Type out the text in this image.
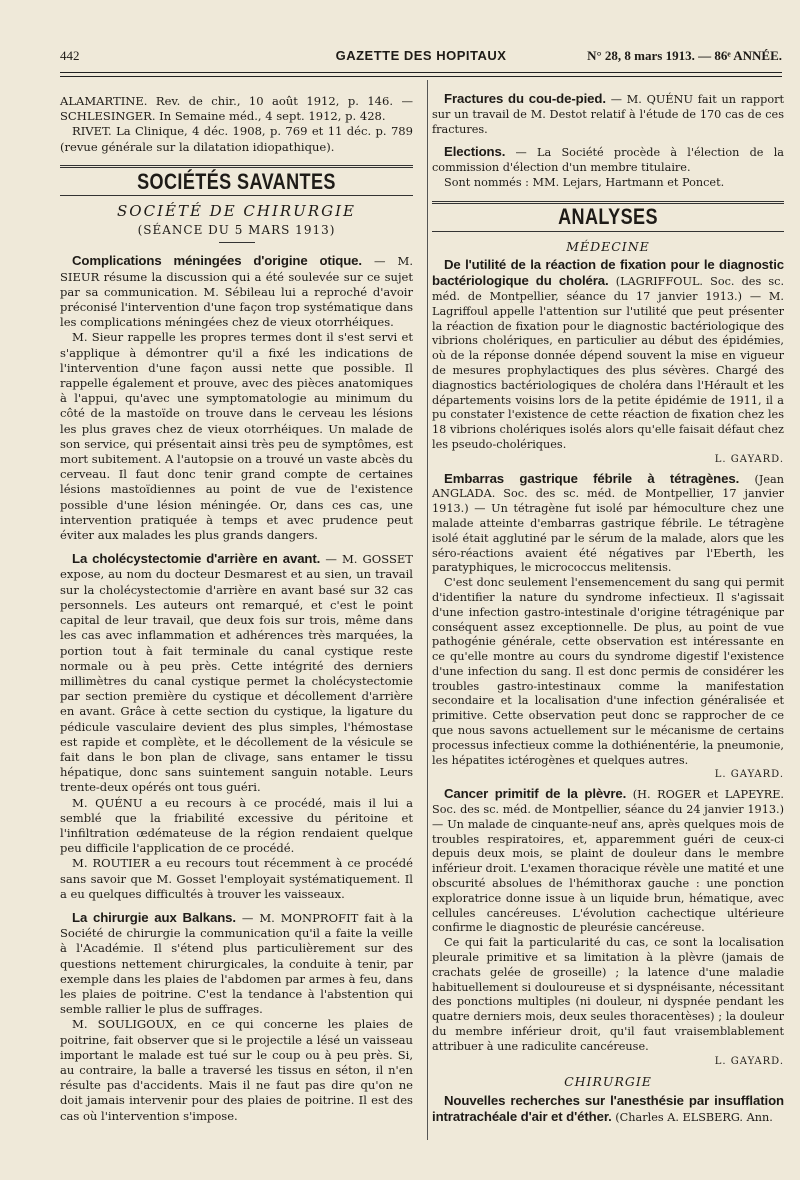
442	GAZETTE DES HOPITAUX	N° 28, 8 mars 1913. — 86ᵉ ANNÉE.

ALAMARTINE. Rev. de chir., 10 août 1912, p. 146. — SCHLESINGER. In Semaine méd., 4 sept. 1912, p. 428.

RIVET. La Clinique, 4 déc. 1908, p. 769 et 11 déc. p. 789 (revue générale sur la dilatation idiopathique).

SOCIÉTÉS SAVANTES
SOCIÉTÉ DE CHIRURGIE
(SÉANCE DU 5 MARS 1913)

Complications méningées d'origine otique. — M. SIEUR résume la discussion qui a été soulevée sur ce sujet par sa communication. M. Sébileau lui a reproché d'avoir préconisé l'intervention d'une façon trop systématique dans les complications méningées chez de vieux otorrhéiques.

M. Sieur rappelle les propres termes dont il s'est servi et s'applique à démontrer qu'il a fixé les indications de l'intervention d'une façon aussi nette que possible. Il rappelle également et prouve, avec des pièces anatomiques à l'appui, qu'avec une symptomatologie au minimum du côté de la mastoïde on trouve dans le cerveau les lésions les plus graves chez de vieux otorrhéiques. Un malade de son service, qui présentait ainsi très peu de symptômes, est mort subitement. A l'autopsie on a trouvé un vaste abcès du cerveau. Il faut donc tenir grand compte de certaines lésions mastoïdiennes au point de vue de l'existence possible d'une lésion méningée. Or, dans ces cas, une intervention pratiquée à temps et avec prudence peut éviter aux malades les plus grands dangers.

La cholécystectomie d'arrière en avant. — M. GOSSET expose, au nom du docteur Desmarest et au sien, un travail sur la cholécystectomie d'arrière en avant basé sur 32 cas personnels. Les auteurs ont remarqué, et c'est le point capital de leur travail, que deux fois sur trois, même dans les cas avec inflammation et adhérences très marquées, la portion tout à fait terminale du canal cystique reste normale ou à peu près. Cette intégrité des derniers millimètres du canal cystique permet la cholécystectomie par section première du cystique et décollement d'arrière en avant. Grâce à cette section du cystique, la ligature du pédicule vasculaire devient des plus simples, l'hémostase est rapide et complète, et le décollement de la vésicule se fait dans le bon plan de clivage, sans entamer le tissu hépatique, donc sans suintement sanguin notable. Leurs trente-deux opérés ont tous guéri.

M. QUÉNU a eu recours à ce procédé, mais il lui a semblé que la friabilité excessive du péritoine et l'infiltration œdémateuse de la région rendaient quelque peu difficile l'application de ce procédé.

M. ROUTIER a eu recours tout récemment à ce procédé sans savoir que M. Gosset l'employait systématiquement. Il a eu quelques difficultés à trouver les vaisseaux.

La chirurgie aux Balkans. — M. MONPROFIT fait à la Société de chirurgie la communication qu'il a faite la veille à l'Académie. Il s'étend plus particulièrement sur des questions nettement chirurgicales, la conduite à tenir, par exemple dans les plaies de l'abdomen par armes à feu, dans les plaies de poitrine. C'est la tendance à l'abstention qui semble rallier le plus de suffrages.

M. SOULIGOUX, en ce qui concerne les plaies de poitrine, fait observer que si le projectile a lésé un vaisseau important le malade est tué sur le coup ou à peu près. Si, au contraire, la balle a traversé les tissus en séton, il n'en résulte pas d'accidents. Mais il ne faut pas dire qu'on ne doit jamais intervenir pour des plaies de poitrine. Il est des cas où l'intervention s'impose.

Fractures du cou-de-pied. — M. QUÉNU fait un rapport sur un travail de M. Destot relatif à l'étude de 170 cas de ces fractures.

Elections. — La Société procède à l'élection de la commission d'élection d'un membre titulaire.

Sont nommés : MM. Lejars, Hartmann et Poncet.

ANALYSES
MÉDECINE

De l'utilité de la réaction de fixation pour le diagnostic bactériologique du choléra. (LAGRIFFOUL. Soc. des sc. méd. de Montpellier, séance du 17 janvier 1913.) — M. Lagriffoul appelle l'attention sur l'utilité que peut présenter la réaction de fixation pour le diagnostic bactériologique des vibrions cholériques, en particulier au début des épidémies, où de la réponse donnée dépend souvent la mise en vigueur de mesures prophylactiques des plus sévères. Chargé des diagnostics bactériologiques de choléra dans l'Hérault et les départements voisins lors de la petite épidémie de 1911, il a pu constater l'existence de cette réaction de fixation chez les 18 vibrions cholériques isolés alors qu'elle faisait défaut chez les pseudo-cholériques.

L. GAYARD.

Embarras gastrique fébrile à tétragènes. (Jean ANGLADA. Soc. des sc. méd. de Montpellier, 17 janvier 1913.) — Un tétragène fut isolé par hémoculture chez une malade atteinte d'embarras gastrique fébrile. Le tétragène isolé était agglutiné par le sérum de la malade, alors que les séro-réactions avaient été négatives par l'Eberth, les paratyphiques, le micrococcus melitensis.

C'est donc seulement l'ensemencement du sang qui permit d'identifier la nature du syndrome infectieux. Il s'agissait d'une infection gastro-intestinale d'origine tétragénique par conséquent assez exceptionnelle. De plus, au point de vue pathogénie générale, cette observation est intéressante en ce qu'elle montre au cours du syndrome digestif l'existence d'une infection du sang. Il est donc permis de considérer les troubles gastro-intestinaux comme la manifestation secondaire et la localisation d'une infection généralisée et primitive. Cette observation peut donc se rapprocher de ce que nous savons actuellement sur le mécanisme de certains processus infectieux comme la dothiénentérie, la pneumonie, les hépatites ictérogènes et quelques autres.

L. GAYARD.

Cancer primitif de la plèvre. (H. ROGER et LAPEYRE. Soc. des sc. méd. de Montpellier, séance du 24 janvier 1913.) — Un malade de cinquante-neuf ans, après quelques mois de troubles respiratoires, et, apparemment guéri de ceux-ci depuis deux mois, se plaint de douleur dans le membre inférieur droit. L'examen thoracique révèle une matité et une obscurité absolues de l'hémithorax gauche : une ponction exploratrice donne issue à un liquide brun, hématique, avec cellules cancéreuses. L'évolution cachectique ultérieure confirme le diagnostic de pleurésie cancéreuse.

Ce qui fait la particularité du cas, ce sont la localisation pleurale primitive et sa limitation à la plèvre (jamais de crachats gelée de groseille) ; la latence d'une maladie habituellement si douloureuse et si dyspnéisante, nécessitant des ponctions multiples (ni douleur, ni dyspnée pendant les quatre derniers mois, deux seules thoracentèses) ; la douleur du membre inférieur droit, qu'il faut vraisemblablement attribuer à une radiculite cancéreuse.

L. GAYARD.
CHIRURGIE

Nouvelles recherches sur l'anesthésie par insufflation intratrachéale d'air et d'éther. (Charles A. ELSBERG. Ann.
